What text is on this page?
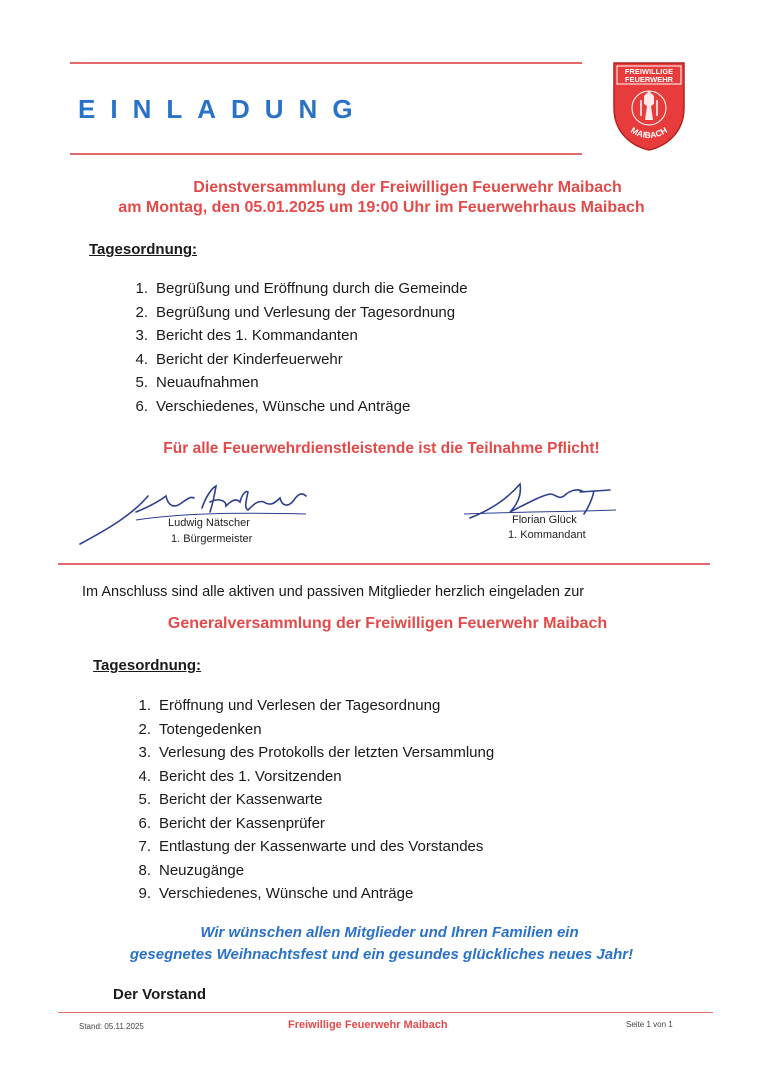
EINLADUNG
FREIWILLIGE
FEUERWEHR
MAIBACH
Dienstversammlung der Freiwilligen Feuerwehr Maibach
am Montag, den 05.01.2025 um 19:00 Uhr im Feuerwehrhaus Maibach
Tagesordnung:
1. Begrüßung und Eröffnung durch die Gemeinde
2. Begrüßung und Verlesung der Tagesordnung
3. Bericht des 1. Kommandanten
4. Bericht der Kinderfeuerwehr
5. Neuaufnahmen
6. Verschiedenes, Wünsche und Anträge
Für alle Feuerwehrdienstleistende ist die Teilnahme Pflicht!
Ludwig Nätscher
1. Bürgermeister
Florian Glück
1. Kommandant
Im Anschluss sind alle aktiven und passiven Mitglieder herzlich eingeladen zur
Generalversammlung der Freiwilligen Feuerwehr Maibach
Tagesordnung:
1. Eröffnung und Verlesen der Tagesordnung
2. Totengedenken
3. Verlesung des Protokolls der letzten Versammlung
4. Bericht des 1. Vorsitzenden
5. Bericht der Kassenwarte
6. Bericht der Kassenprüfer
7. Entlastung der Kassenwarte und des Vorstandes
8. Neuzugänge
9. Verschiedenes, Wünsche und Anträge
Wir wünschen allen Mitglieder und Ihren Familien ein
gesegnetes Weihnachtsfest und ein gesundes glückliches neues Jahr!
Der Vorstand
Stand: 05.11.2025	Freiwillige Feuerwehr Maibach	Seite 1 von 1
